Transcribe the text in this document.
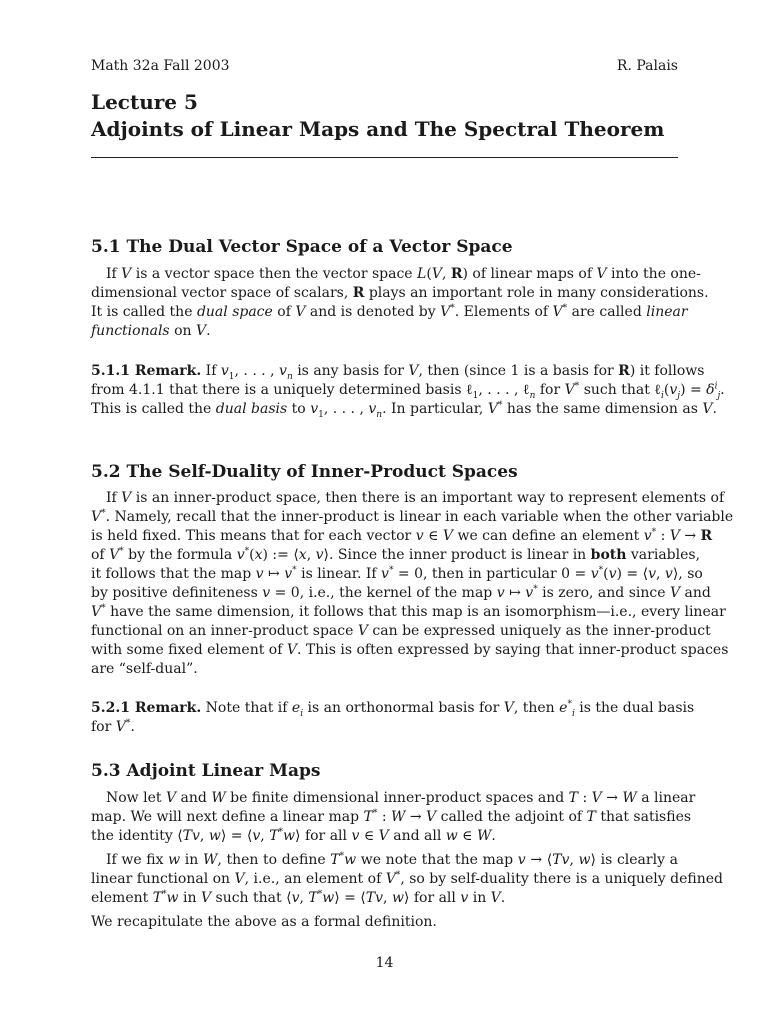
Math 32a Fall 2003	R. Palais
Lecture 5
Adjoints of Linear Maps and The Spectral Theorem
5.1 The Dual Vector Space of a Vector Space
If V is a vector space then the vector space L(V, R) of linear maps of V into the one-
dimensional vector space of scalars, R plays an important role in many considerations.
It is called the dual space of V and is denoted by V*. Elements of V* are called linear
functionals on V.
5.1.1 Remark. If $v_1$, . . . , $v_n$ is any basis for V, then (since 1 is a basis for R) it follows
from 4.1.1 that there is a uniquely determined basis ℓ$_1$, . . . , ℓ$_n$ for V* such that $\ell_i(v_j) = \delta^i_j$.
This is called the dual basis to $v_1$, . . . , $v_n$. In particular, V* has the same dimension as V.
5.2 The Self-Duality of Inner-Product Spaces
If V is an inner-product space, then there is an important way to represent elements of
V*. Namely, recall that the inner-product is linear in each variable when the other variable
is held fixed. This means that for each vector v ∈ V we can define an element v* : V → R
of V* by the formula v*(x) := ⟨x, v⟩. Since the inner product is linear in both variables,
it follows that the map v ↦ v* is linear. If v* = 0, then in particular 0 = v*(v) = ⟨v, v⟩, so
by positive definiteness v = 0, i.e., the kernel of the map v ↦ v* is zero, and since V and
V* have the same dimension, it follows that this map is an isomorphism—i.e., every linear
functional on an inner-product space V can be expressed uniquely as the inner-product
with some fixed element of V. This is often expressed by saying that inner-product spaces
are “self-dual”.
5.2.1 Remark. Note that if $e_i$ is an orthonormal basis for V, then $e^*_i$ is the dual basis
for V*.
5.3 Adjoint Linear Maps
Now let V and W be finite dimensional inner-product spaces and T : V → W a linear
map. We will next define a linear map T* : W → V called the adjoint of T that satisfies
the identity ⟨Tv, w⟩ = ⟨v, T*w⟩ for all v ∈ V and all w ∈ W.
If we fix w in W, then to define T*w we note that the map v → ⟨Tv, w⟩ is clearly a
linear functional on V, i.e., an element of V*, so by self-duality there is a uniquely defined
element T*w in V such that ⟨v, T*w⟩ = ⟨Tv, w⟩ for all v in V.
We recapitulate the above as a formal definition.
14
